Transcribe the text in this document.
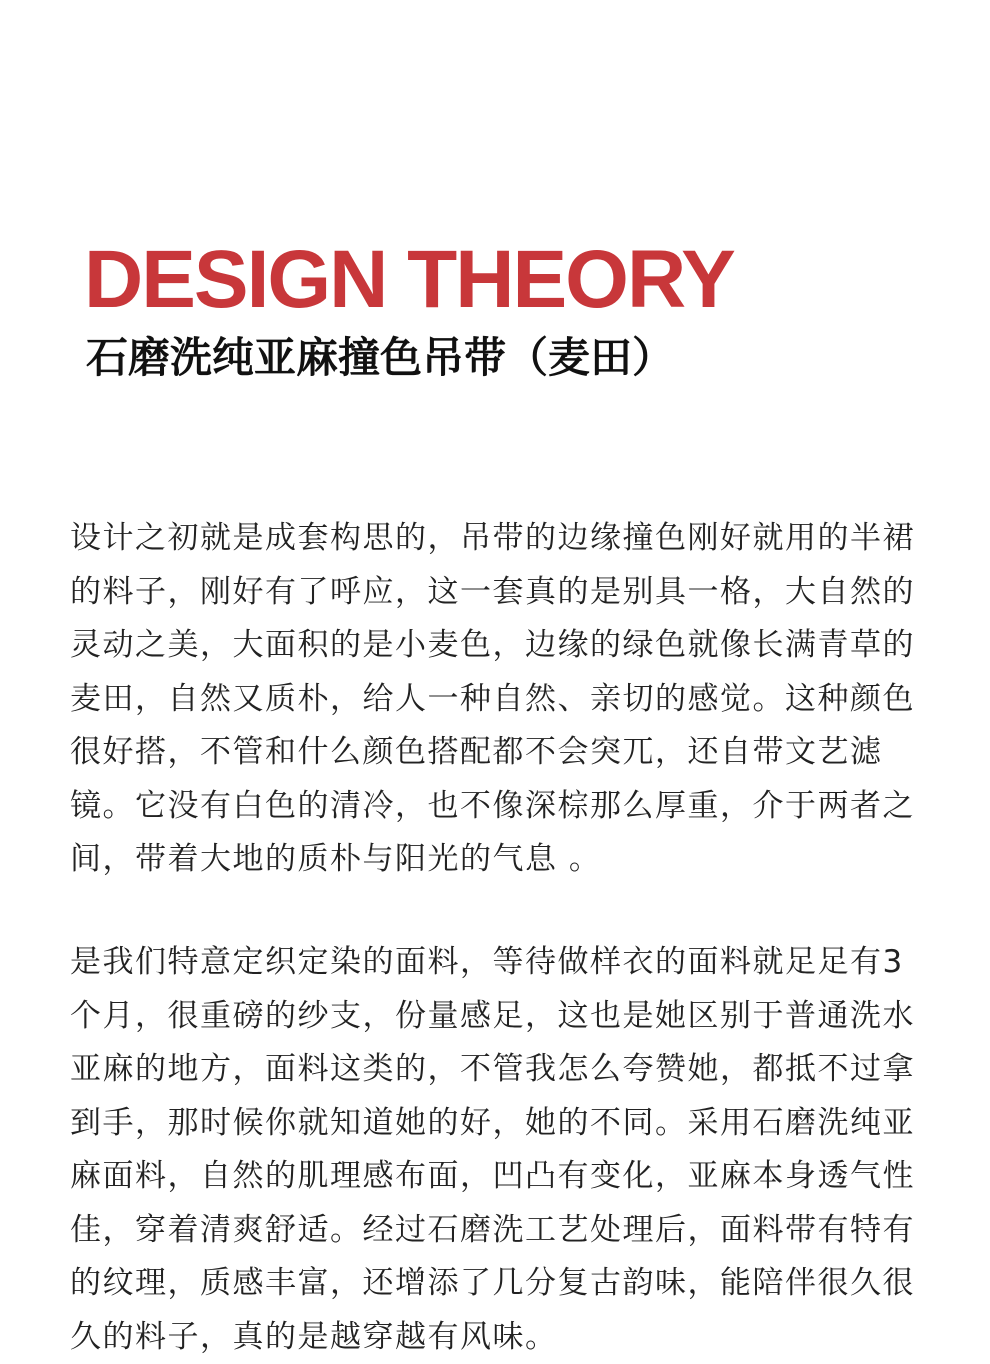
DESIGN THEORY
石磨洗纯亚麻撞色吊带（麦田）

设计之初就是成套构思的，吊带的边缘撞色刚好就用的半裙的料子，刚好有了呼应，这一套真的是别具一格，大自然的灵动之美，大面积的是小麦色，边缘的绿色就像长满青草的麦田，自然又质朴，给人一种自然、亲切的感觉。这种颜色很好搭，不管和什么颜色搭配都不会突兀，还自带文艺滤镜。它没有白色的清冷，也不像深棕那么厚重，介于两者之间，带着大地的质朴与阳光的气息 。

是我们特意定织定染的面料，等待做样衣的面料就足足有3个月，很重磅的纱支，份量感足，这也是她区别于普通洗水亚麻的地方，面料这类的，不管我怎么夸赞她，都抵不过拿到手，那时候你就知道她的好，她的不同。采用石磨洗纯亚麻面料，自然的肌理感布面，凹凸有变化，亚麻本身透气性佳，穿着清爽舒适。经过石磨洗工艺处理后，面料带有特有的纹理，质感丰富，还增添了几分复古韵味，能陪伴很久很久的料子，真的是越穿越有风味。
